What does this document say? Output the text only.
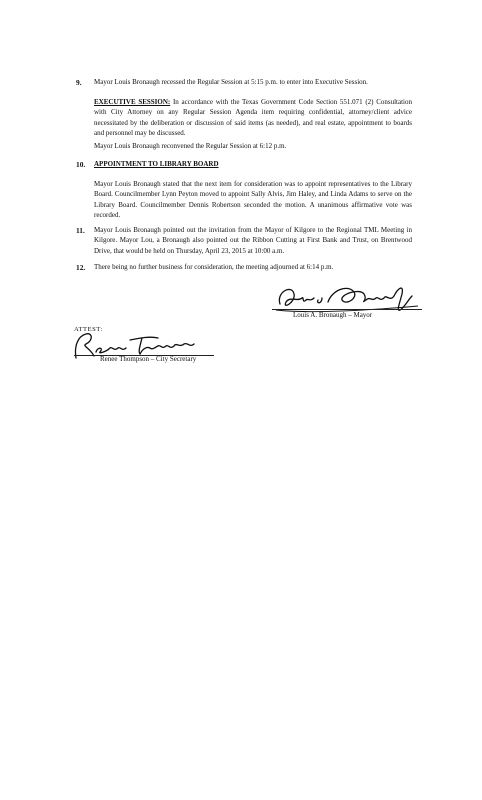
9. Mayor Louis Bronaugh recessed the Regular Session at 5:15 p.m. to enter into Executive Session.
EXECUTIVE SESSION: In accordance with the Texas Government Code Section 551.071 (2) Consultation with City Attorney on any Regular Session Agenda item requiring confidential, attorney/client advice necessitated by the deliberation or discussion of said items (as needed), and real estate, appointment to boards and personnel may be discussed.
Mayor Louis Bronaugh reconvened the Regular Session at 6:12 p.m.
10. APPOINTMENT TO LIBRARY BOARD
Mayor Louis Bronaugh stated that the next item for consideration was to appoint representatives to the Library Board. Councilmember Lynn Peyton moved to appoint Sally Alvis, Jim Haley, and Linda Adams to serve on the Library Board. Councilmember Dennis Robertson seconded the motion. A unanimous affirmative vote was recorded.
11. Mayor Louis Bronaugh pointed out the invitation from the Mayor of Kilgore to the Regional TML Meeting in Kilgore. Mayor Lou, a Bronaugh also pointed out the Ribbon Cutting at First Bank and Trust, on Brentwood Drive, that would be held on Thursday, April 23, 2015 at 10:00 a.m.
12. There being no further business for consideration, the meeting adjourned at 6:14 p.m.
Louis A. Bronaugh – Mayor
ATTEST:
Renee Thompson – City Secretary
